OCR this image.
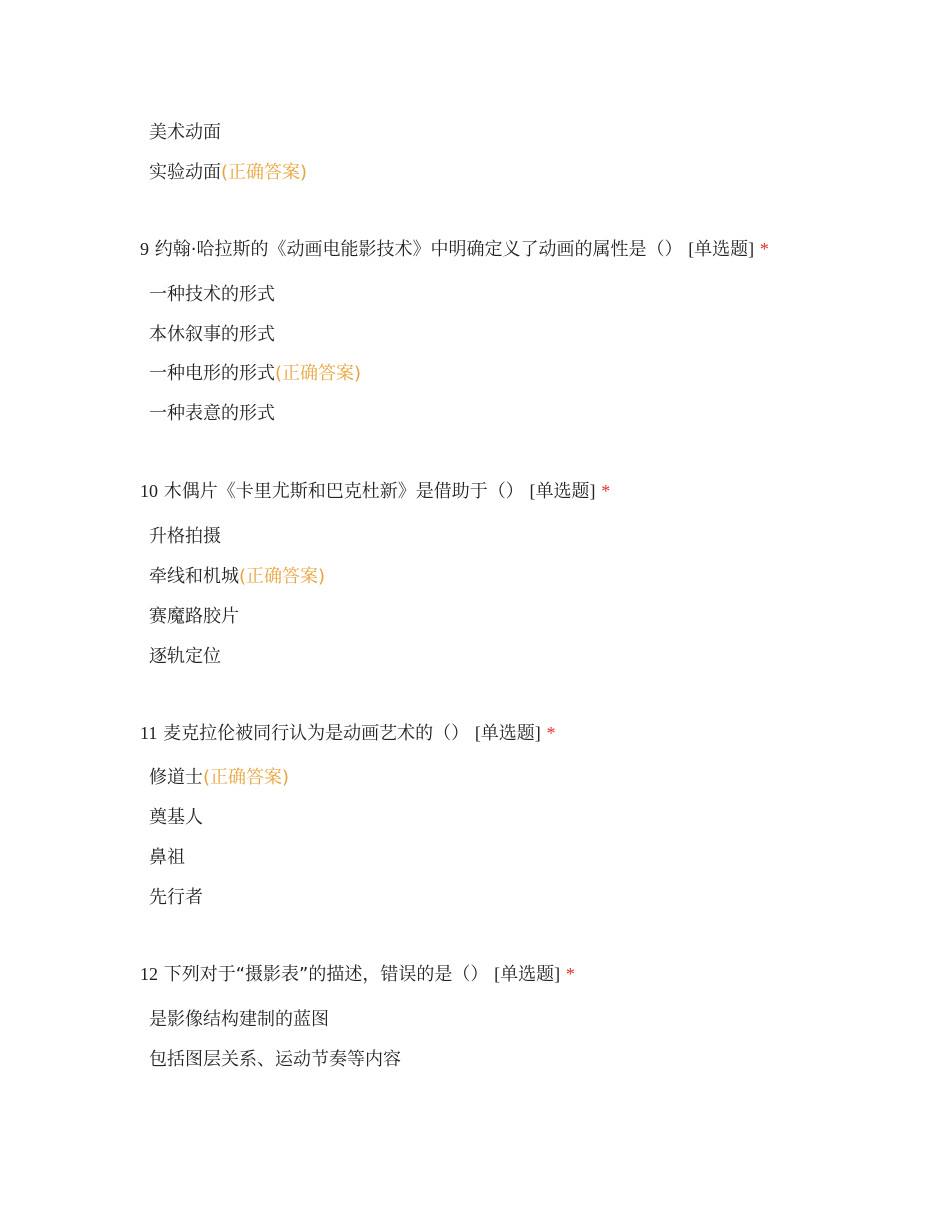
美术动面
实验动面(正确答案)
9 约翰·哈拉斯的《动画电能影技术》中明确定义了动画的属性是（） [单选题] *
一种技术的形式
本休叙事的形式
一种电形的形式(正确答案)
一种表意的形式
10 木偶片《卡里尤斯和巴克杜新》是借助于（） [单选题] *
升格拍摄
牵线和机城(正确答案)
赛魔路胶片
逐轨定位
11 麦克拉伦被同行认为是动画艺术的（） [单选题] *
修道士(正确答案)
奠基人
鼻祖
先行者
12 下列对于“摄影表”的描述，错误的是（） [单选题] *
是影像结构建制的蓝图
包括图层关系、运动节奏等内容
